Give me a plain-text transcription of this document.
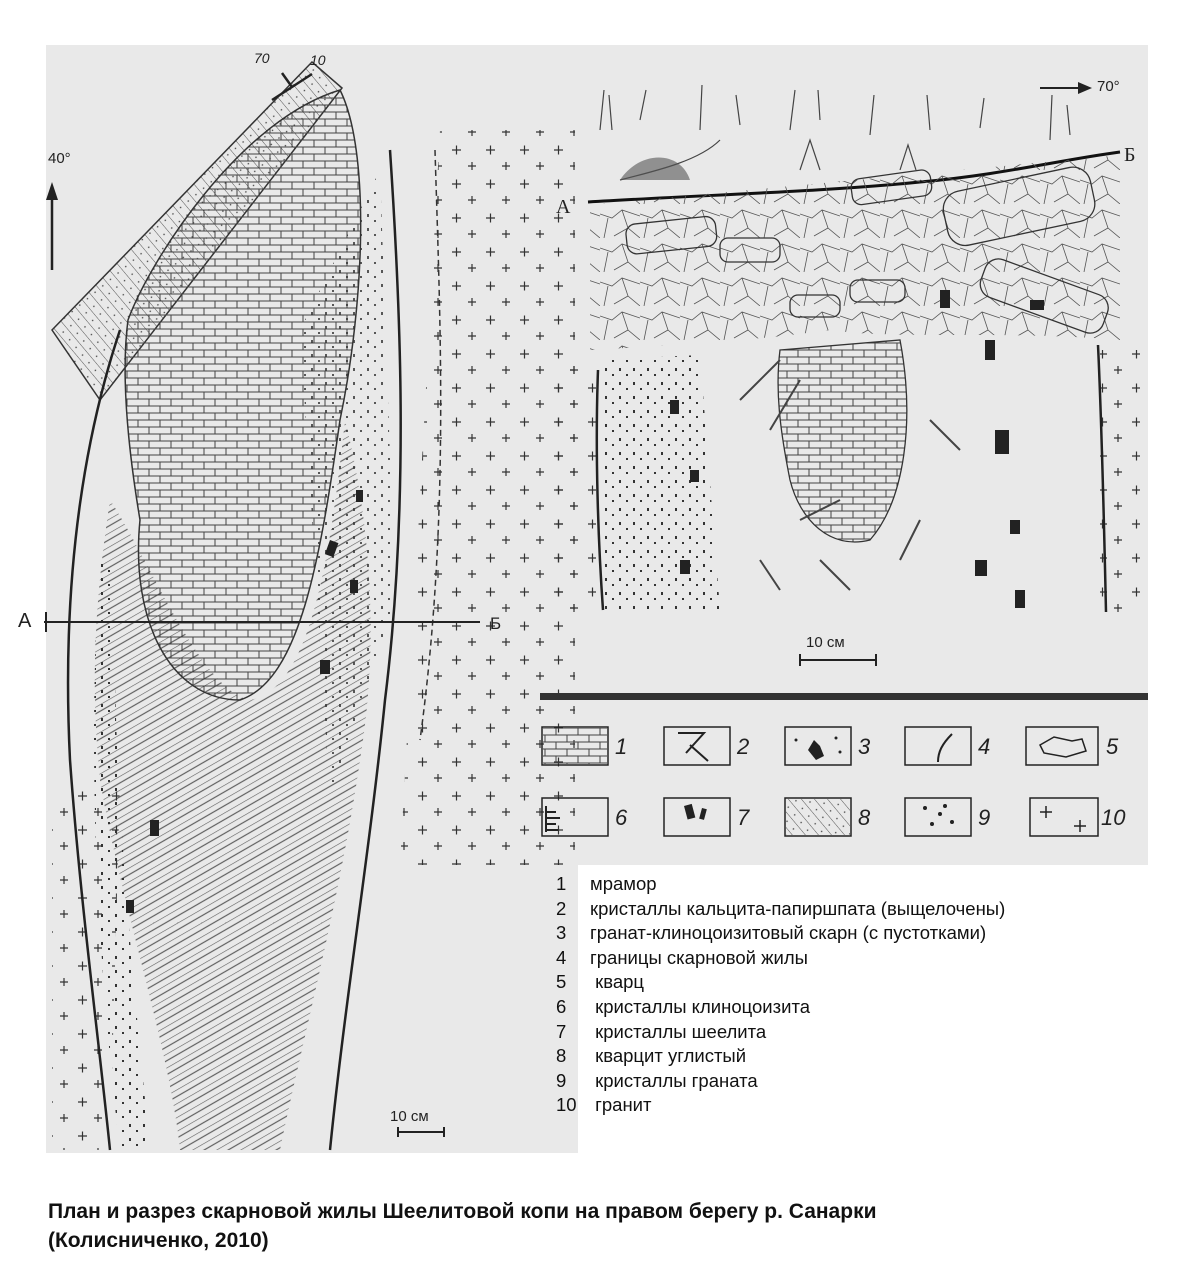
70	10
40°
А	Б
10 см
70°
А
Б
10 см
1	2	3	4	5
6	7	8	9	10
1	мрамор
2	кристаллы кальцита-папиршпата (выщелочены)
3	гранат-клиноцоизитовый скарн (с пустотками)
4	границы скарновой жилы
5	кварц
6	кристаллы клиноцоизита
7	кристаллы шеелита
8	кварцит углистый
9	кристаллы граната
10 гранит
План и разрез скарновой жилы Шеелитовой копи на правом берегу р. Санарки
(Колисниченко, 2010)
